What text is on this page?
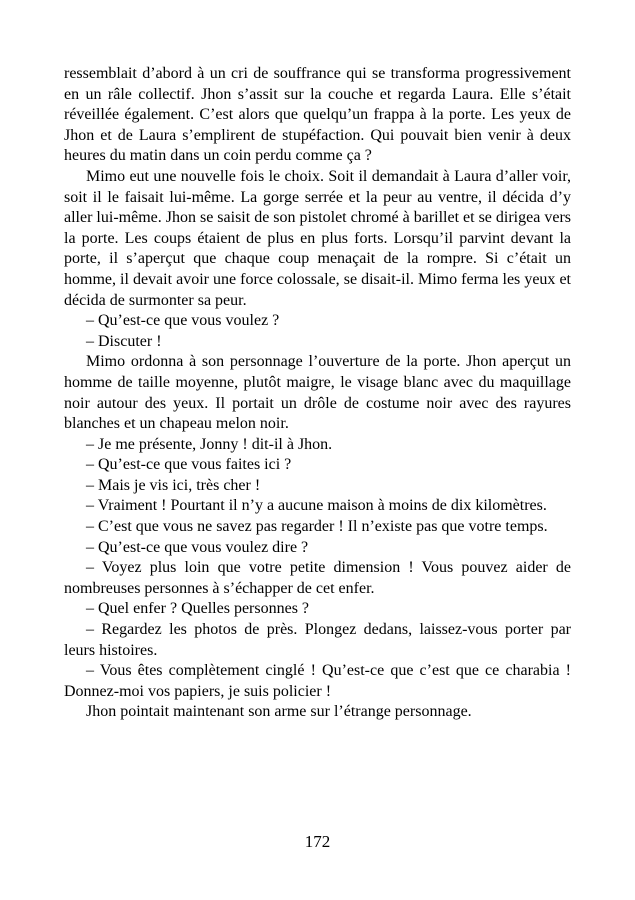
ressemblait d’abord à un cri de souffrance qui se transforma progressivement en un râle collectif. Jhon s’assit sur la couche et regarda Laura. Elle s’était réveillée également. C’est alors que quelqu’un frappa à la porte. Les yeux de Jhon et de Laura s’emplirent de stupéfaction. Qui pouvait bien venir à deux heures du matin dans un coin perdu comme ça ?

Mimo eut une nouvelle fois le choix. Soit il demandait à Laura d’aller voir, soit il le faisait lui-même. La gorge serrée et la peur au ventre, il décida d’y aller lui-même. Jhon se saisit de son pistolet chromé à barillet et se dirigea vers la porte. Les coups étaient de plus en plus forts. Lorsqu’il parvint devant la porte, il s’aperçut que chaque coup menaçait de la rompre. Si c’était un homme, il devait avoir une force colossale, se disait-il. Mimo ferma les yeux et décida de surmonter sa peur.

– Qu’est-ce que vous voulez ?

– Discuter !

Mimo ordonna à son personnage l’ouverture de la porte. Jhon aperçut un homme de taille moyenne, plutôt maigre, le visage blanc avec du maquillage noir autour des yeux. Il portait un drôle de costume noir avec des rayures blanches et un chapeau melon noir.

– Je me présente, Jonny ! dit-il à Jhon.

– Qu’est-ce que vous faites ici ?

– Mais je vis ici, très cher !

– Vraiment ! Pourtant il n’y a aucune maison à moins de dix kilomètres.

– C’est que vous ne savez pas regarder ! Il n’existe pas que votre temps.

– Qu’est-ce que vous voulez dire ?

– Voyez plus loin que votre petite dimension ! Vous pouvez aider de nombreuses personnes à s’échapper de cet enfer.

– Quel enfer ? Quelles personnes ?

– Regardez les photos de près. Plongez dedans, laissez-vous porter par leurs histoires.

– Vous êtes complètement cinglé ! Qu’est-ce que c’est que ce charabia ! Donnez-moi vos papiers, je suis policier !

Jhon pointait maintenant son arme sur l’étrange personnage.

172
